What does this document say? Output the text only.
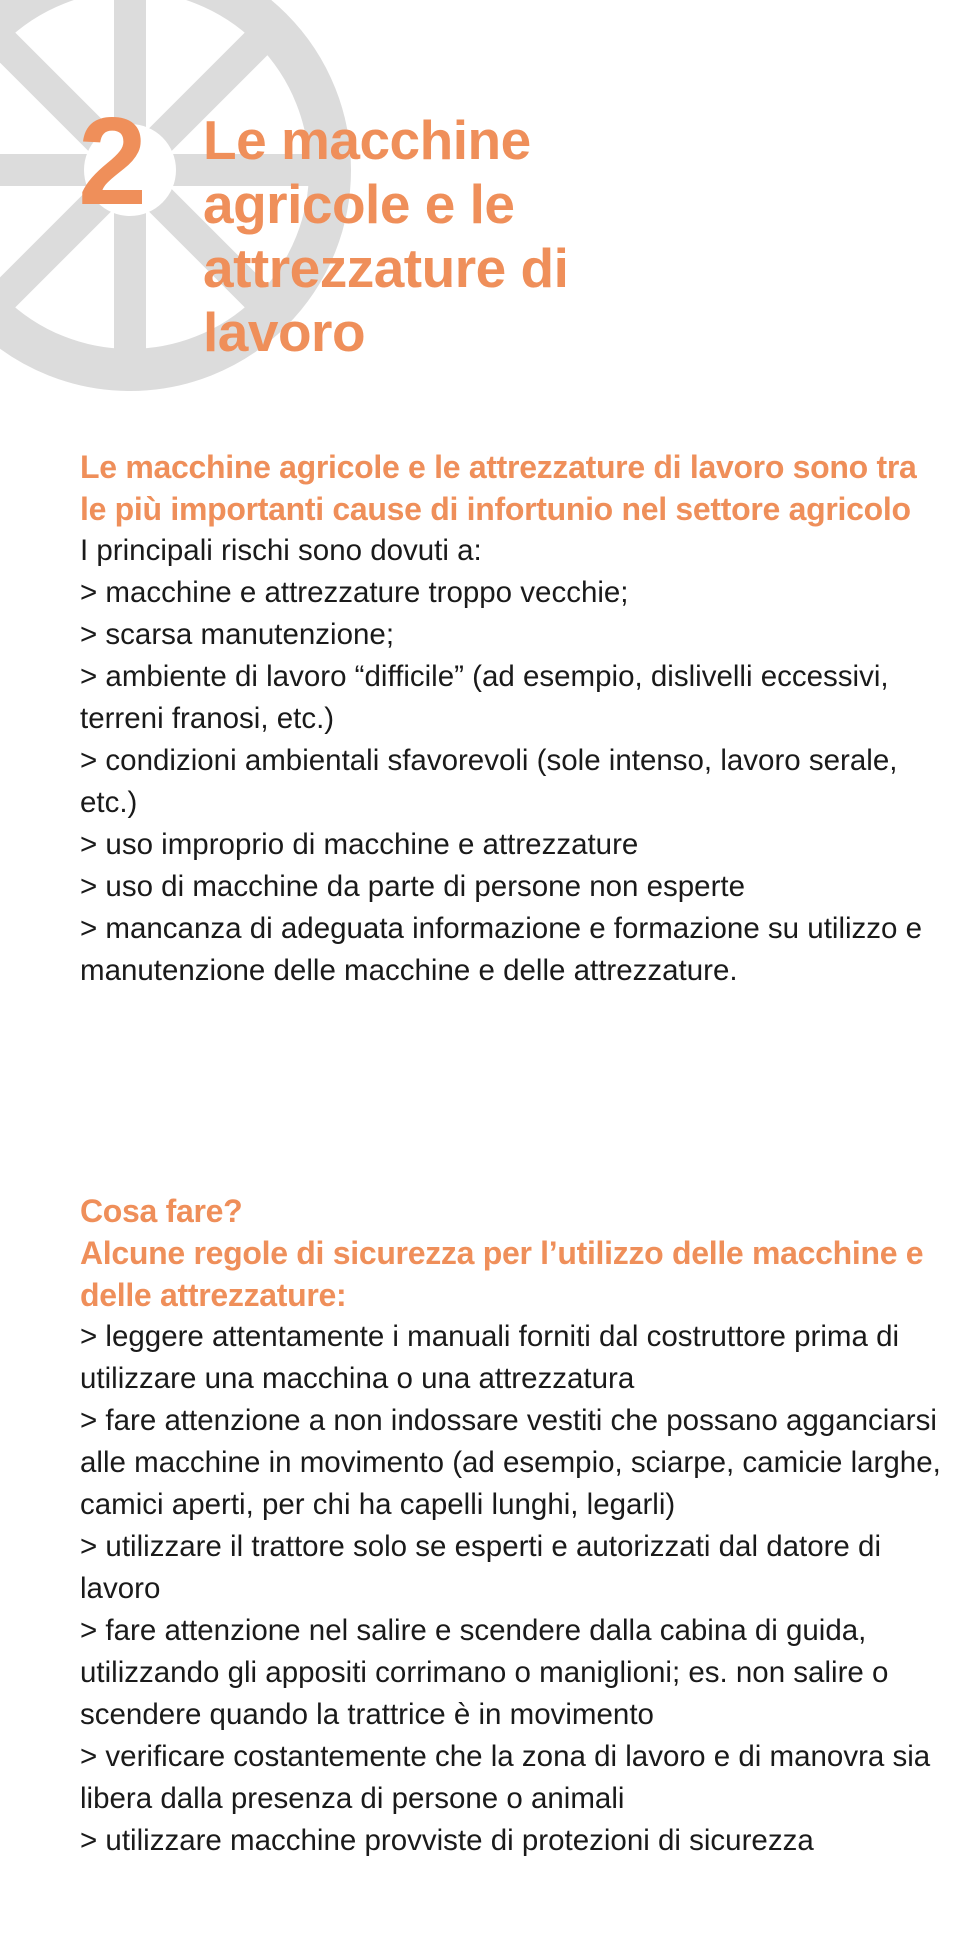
2 Le macchine agricole e le attrezzature di lavoro

Le macchine agricole e le attrezzature di lavoro sono tra le più importanti cause di infortunio nel settore agricolo

I principali rischi sono dovuti a:

> macchine e attrezzature troppo vecchie;

> scarsa manutenzione;

> ambiente di lavoro “difficile” (ad esempio, dislivelli eccessivi, terreni franosi, etc.)

> condizioni ambientali sfavorevoli (sole intenso, lavoro serale, etc.)

> uso improprio di macchine e attrezzature

> uso di macchine da parte di persone non esperte

> mancanza di adeguata informazione e formazione su utilizzo e manutenzione delle macchine e delle attrezzature.

Cosa fare?

Alcune regole di sicurezza per l’utilizzo delle macchine e delle attrezzature:

> leggere attentamente i manuali forniti dal costruttore prima di utilizzare una macchina o una attrezzatura

> fare attenzione a non indossare vestiti che possano agganciarsi alle macchine in movimento (ad esempio, sciarpe, camicie larghe, camici aperti, per chi ha capelli lunghi, legarli)

> utilizzare il trattore solo se esperti e autorizzati dal datore di lavoro

> fare attenzione nel salire e scendere dalla cabina di guida, utilizzando gli appositi corrimano o maniglioni; es. non salire o scendere quando la trattrice è in movimento

> verificare costantemente che la zona di lavoro e di manovra sia libera dalla presenza di persone o animali

> utilizzare macchine provviste di protezioni di sicurezza
